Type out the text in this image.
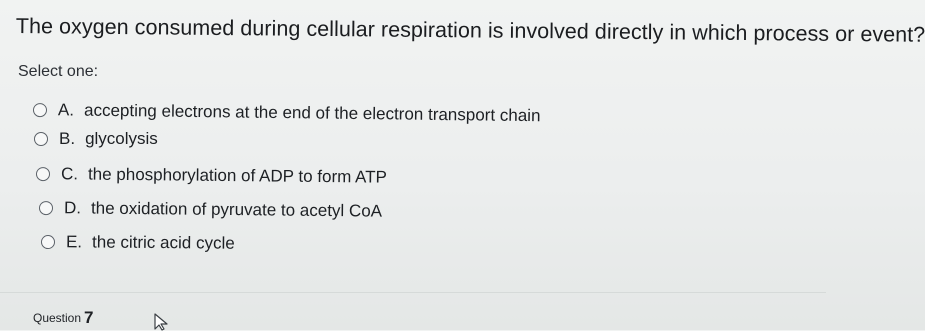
The oxygen consumed during cellular respiration is involved directly in which process or event?
Select one:
A. accepting electrons at the end of the electron transport chain
B. glycolysis
C. the phosphorylation of ADP to form ATP
D. the oxidation of pyruvate to acetyl CoA
E. the citric acid cycle
Question 7
